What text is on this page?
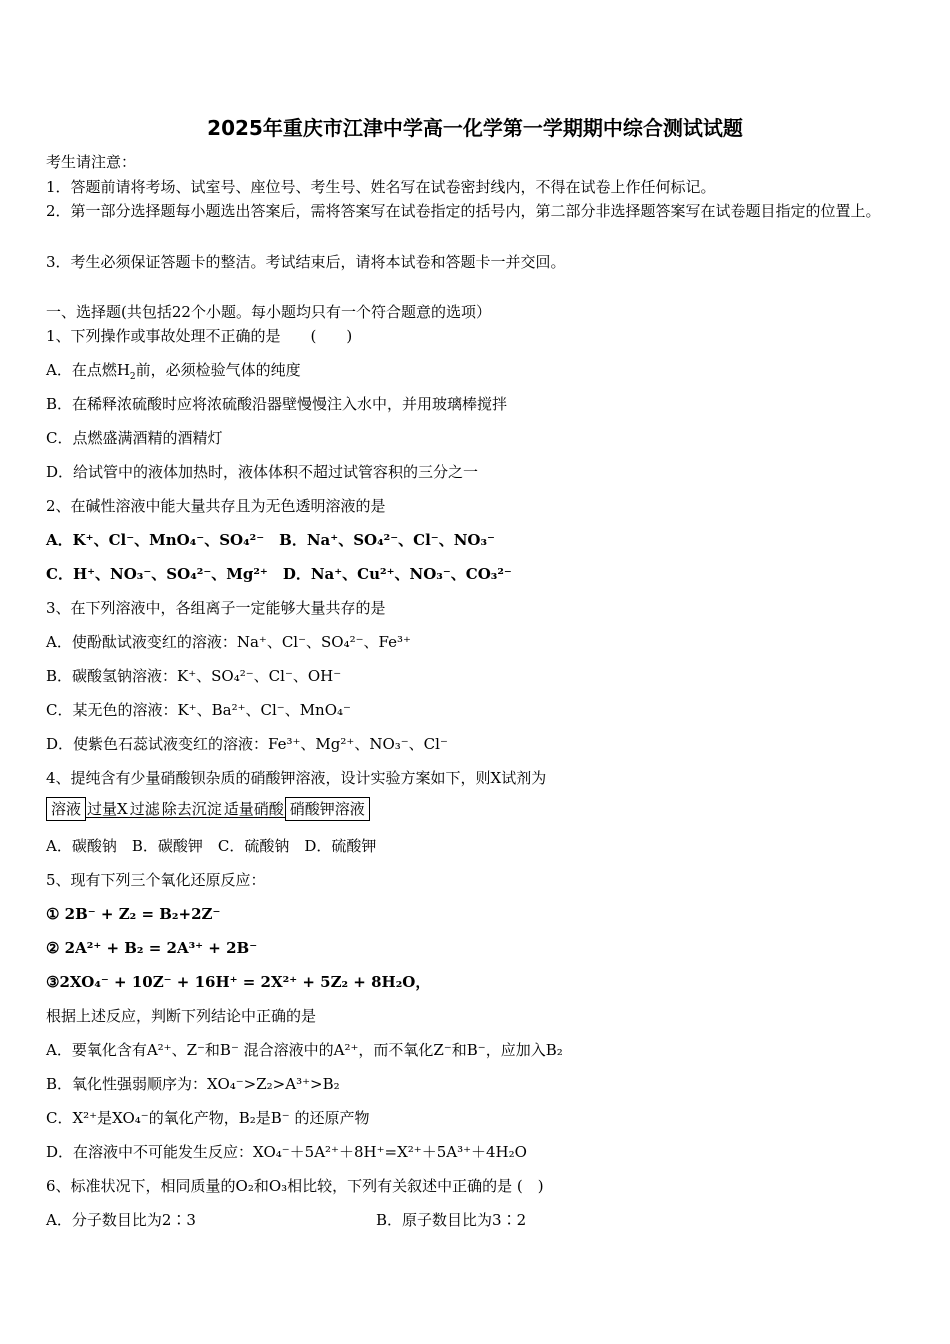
2025年重庆市江津中学高一化学第一学期期中综合测试试题
考生请注意：
1．答题前请将考场、试室号、座位号、考生号、姓名写在试卷密封线内，不得在试卷上作任何标记。
2．第一部分选择题每小题选出答案后，需将答案写在试卷指定的括号内，第二部分非选择题答案写在试卷题目指定的位置上。
3．考生必须保证答题卡的整洁。考试结束后，请将本试卷和答题卡一并交回。
一、选择题(共包括22个小题。每小题均只有一个符合题意的选项）
1、下列操作或事故处理不正确的是　　(　　)
A．在点燃$H_2$前，必须检验气体的纯度
B．在稀释浓硫酸时应将浓硫酸沿器壁慢慢注入水中，并用玻璃棒搅拌
C．点燃盛满酒精的酒精灯
D．给试管中的液体加热时，液体体积不超过试管容积的三分之一
2、在碱性溶液中能大量共存且为无色透明溶液的是
A．K⁺、Cl⁻、MnO₄⁻、SO₄²⁻　B．Na⁺、SO₄²⁻、Cl⁻、NO₃⁻
C．H⁺、NO₃⁻、SO₄²⁻、Mg²⁺　D．Na⁺、Cu²⁺、NO₃⁻、CO₃²⁻
3、在下列溶液中，各组离子一定能够大量共存的是
A．使酚酞试液变红的溶液：Na⁺、Cl⁻、SO₄²⁻、Fe³⁺
B．碳酸氢钠溶液：K⁺、SO₄²⁻、Cl⁻、OH⁻
C．某无色的溶液：K⁺、Ba²⁺、Cl⁻、MnO₄⁻
D．使紫色石蕊试液变红的溶液：Fe³⁺、Mg²⁺、NO₃⁻、Cl⁻
4、提纯含有少量硝酸钡杂质的硝酸钾溶液，设计实验方案如下，则X试剂为
溶液 过量X 过滤 除去沉淀 适量硝酸 硝酸钾溶液
A．碳酸钠　B．碳酸钾　C．硫酸钠　D．硫酸钾
5、现有下列三个氧化还原反应：
① 2B⁻ + Z₂ = B₂+2Z⁻
② 2A²⁺ + B₂ = 2A³⁺ + 2B⁻
③2XO₄⁻ + 10Z⁻ + 16H⁺ = 2X²⁺ + 5Z₂ + 8H₂O，
根据上述反应，判断下列结论中正确的是
A．要氧化含有A²⁺、Z⁻和B⁻ 混合溶液中的A²⁺，而不氧化Z⁻和B⁻，应加入B₂
B．氧化性强弱顺序为：XO₄⁻>Z₂>A³⁺>B₂
C．X²⁺是XO₄⁻的氧化产物，B₂是B⁻ 的还原产物
D．在溶液中不可能发生反应：XO₄⁻＋5A²⁺＋8H⁺=X²⁺＋5A³⁺＋4H₂O
6、标准状况下，相同质量的O₂和O₃相比较，下列有关叙述中正确的是 (　)
A．分子数目比为2∶3	B．原子数目比为3∶2
